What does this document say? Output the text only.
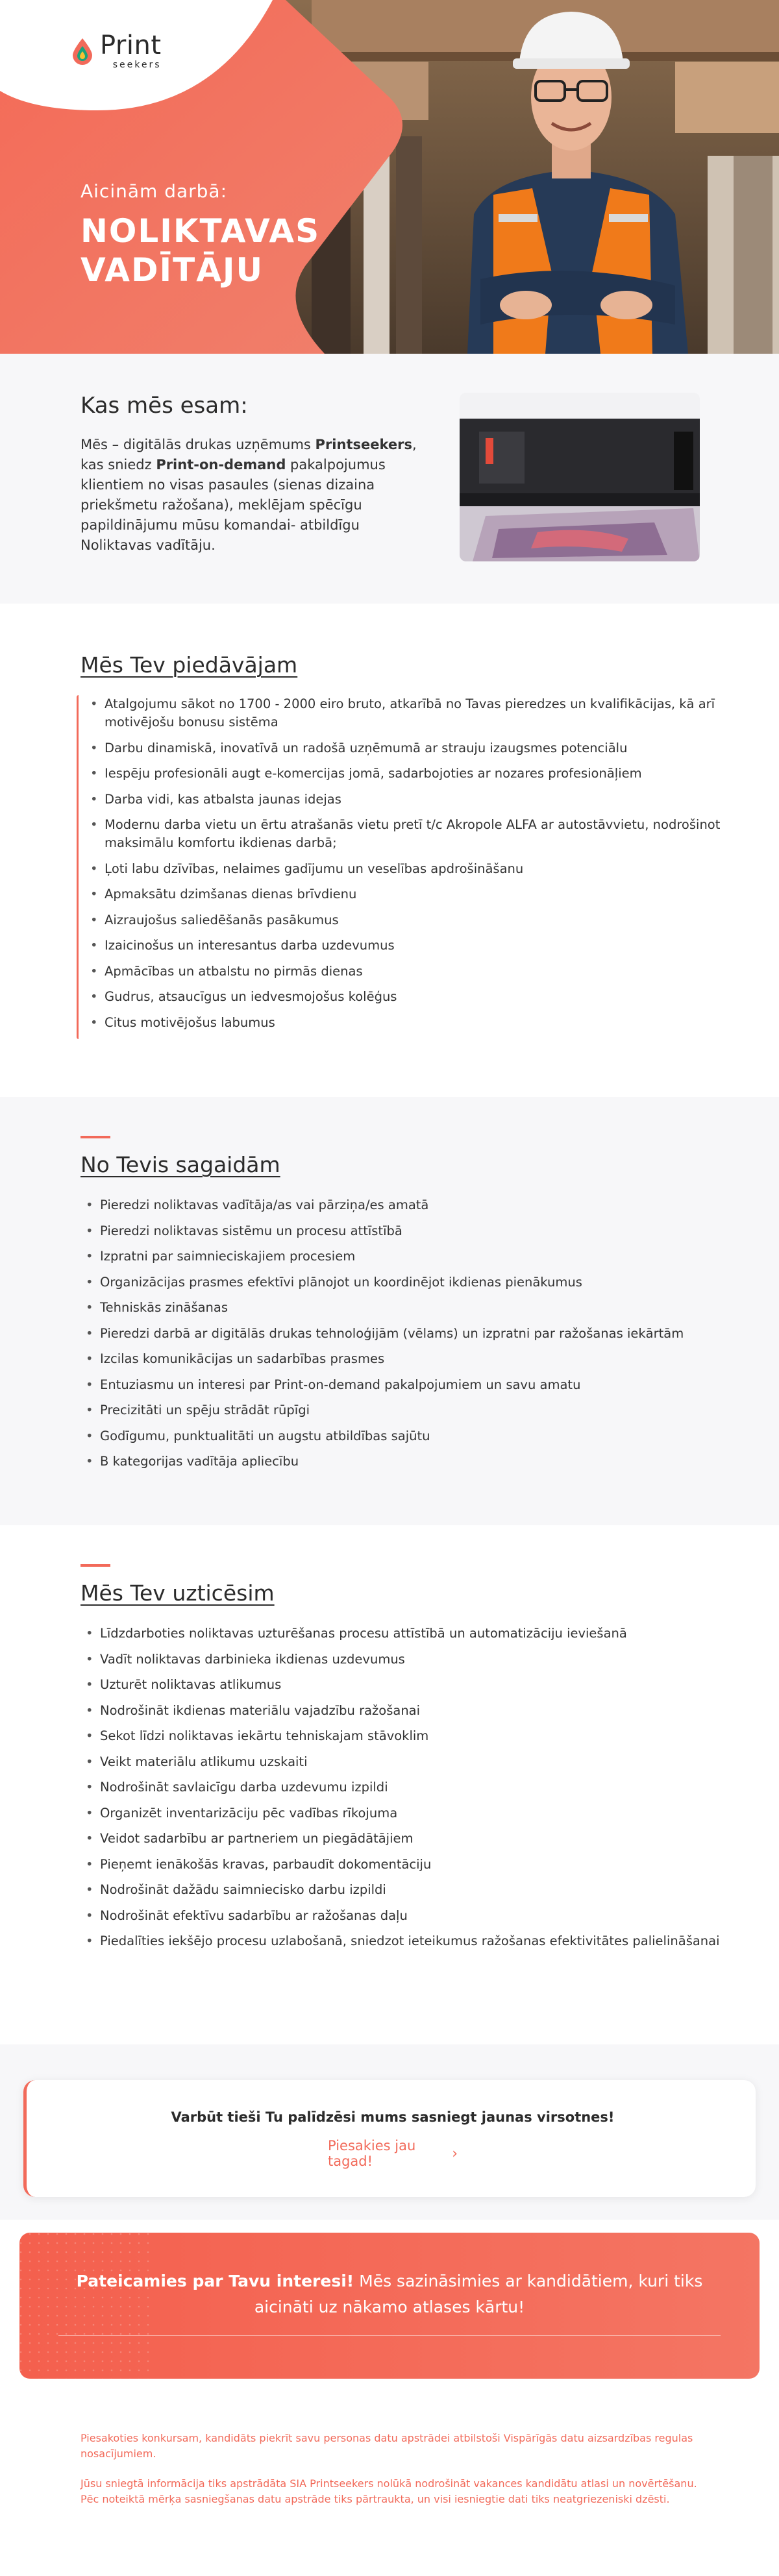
Print
seekers
Aicinām darbā:
NOLIKTAVAS
VADĪTĀJU
Kas mēs esam:

Mēs – digitālās drukas uzņēmums Printseekers, kas sniedz Print-on-demand pakalpojumus klientiem no visas pasaules (sienas dizaina priekšmetu ražošana), meklējam spēcīgu papildinājumu mūsu komandai- atbildīgu Noliktavas vadītāju.

Mēs Tev piedāvājam
• Atalgojumu sākot no 1700 - 2000 eiro bruto, atkarībā no Tavas pieredzes un kvalifikācijas, kā arī motivējošu bonusu sistēma
• Darbu dinamiskā, inovatīvā un radošā uzņēmumā ar strauju izaugsmes potenciālu
• Iespēju profesionāli augt e-komercijas jomā, sadarbojoties ar nozares profesionāļiem
• Darba vidi, kas atbalsta jaunas idejas
• Modernu darba vietu un ērtu atrašanās vietu pretī t/c Akropole ALFA ar autostāvvietu, nodrošinot maksimālu komfortu ikdienas darbā;
• Ļoti labu dzīvības, nelaimes gadījumu un veselības apdrošināšanu
• Apmaksātu dzimšanas dienas brīvdienu
• Aizraujošus saliedēšanās pasākumus
• Izaicinošus un interesantus darba uzdevumus
• Apmācības un atbalstu no pirmās dienas
• Gudrus, atsaucīgus un iedvesmojošus kolēģus
• Citus motivējošus labumus
No Tevis sagaidām
• Pieredzi noliktavas vadītāja/as vai pārziņa/es amatā
• Pieredzi noliktavas sistēmu un procesu attīstībā
• Izpratni par saimnieciskajiem procesiem
• Organizācijas prasmes efektīvi plānojot un koordinējot ikdienas pienākumus
• Tehniskās zināšanas
• Pieredzi darbā ar digitālās drukas tehnoloģijām (vēlams) un izpratni par ražošanas iekārtām
• Izcilas komunikācijas un sadarbības prasmes
• Entuziasmu un interesi par Print-on-demand pakalpojumiem un savu amatu
• Precizitāti un spēju strādāt rūpīgi
• Godīgumu, punktualitāti un augstu atbildības sajūtu
• B kategorijas vadītāja apliecību
Mēs Tev uzticēsim
• Līdzdarboties noliktavas uzturēšanas procesu attīstībā un automatizāciju ieviešanā
• Vadīt noliktavas darbinieka ikdienas uzdevumus
• Uzturēt noliktavas atlikumus
• Nodrošināt ikdienas materiālu vajadzību ražošanai
• Sekot līdzi noliktavas iekārtu tehniskajam stāvoklim
• Veikt materiālu atlikumu uzskaiti
• Nodrošināt savlaicīgu darba uzdevumu izpildi
• Organizēt inventarizāciju pēc vadības rīkojuma
• Veidot sadarbību ar partneriem un piegādātājiem
• Pieņemt ienākošās kravas, parbaudīt dokomentāciju
• Nodrošināt dažādu saimniecisko darbu izpildi
• Nodrošināt efektīvu sadarbību ar ražošanas daļu
• Piedalīties iekšējo procesu uzlabošanā, sniedzot ieteikumus ražošanas efektivitātes palielināšanai
Varbūt tieši Tu palīdzēsi mums sasniegt jaunas virsotnes!
Piesakies jau tagad!	›
Pateicamies par Tavu interesi! Mēs sazināsimies ar kandidātiem, kuri tiks aicināti uz nākamo atlases kārtu!

Piesakoties konkursam, kandidāts piekrīt savu personas datu apstrādei atbilstoši Vispārīgās datu aizsardzības regulas nosacījumiem.

Jūsu sniegtā informācija tiks apstrādāta SIA Printseekers nolūkā nodrošināt vakances kandidātu atlasi un novērtēšanu. Pēc noteiktā mērķa sasniegšanas datu apstrāde tiks pārtraukta, un visi iesniegtie dati tiks neatgriezeniski dzēsti.
